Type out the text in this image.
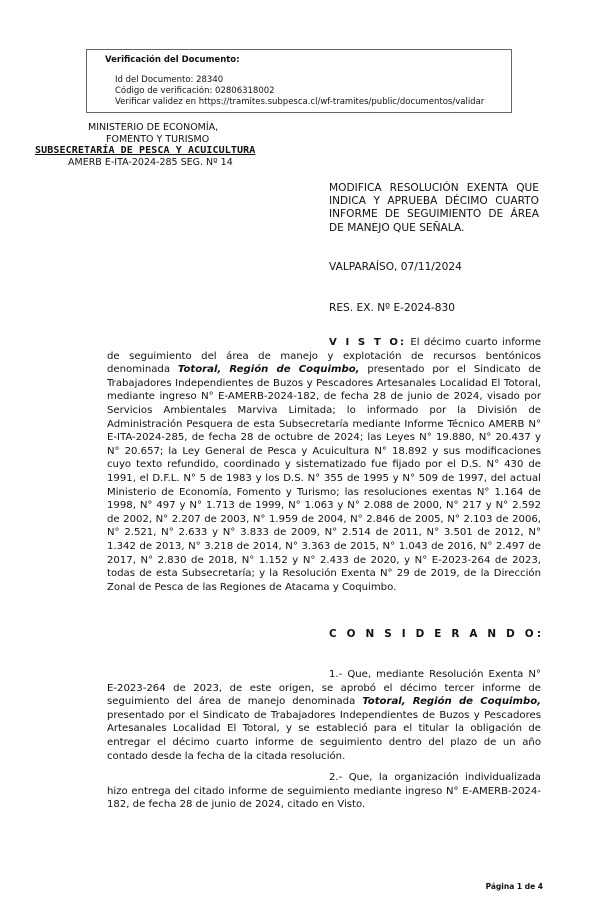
Verificación del Documento:
Id del Documento: 28340
Código de verificación: 02806318002
Verificar validez en https://tramites.subpesca.cl/wf-tramites/public/documentos/validar
MINISTERIO DE ECONOMÍA,
FOMENTO Y TURISMO
SUBSECRETARÍA DE PESCA Y ACUICULTURA
AMERB E-ITA-2024-285 SEG. Nº 14
MODIFICA RESOLUCIÓN EXENTA QUE INDICA Y APRUEBA DÉCIMO CUARTO INFORME DE SEGUIMIENTO DE ÁREA DE MANEJO QUE SEÑALA.
VALPARAÍSO, 07/11/2024
RES. EX. Nº E-2024-830
V I S T O: El décimo cuarto informe de seguimiento del área de manejo y explotación de recursos bentónicos denominada Totoral, Región de Coquimbo, presentado por el Sindicato de Trabajadores Independientes de Buzos y Pescadores Artesanales Localidad El Totoral, mediante ingreso N° E-AMERB-2024-182, de fecha 28 de junio de 2024, visado por Servicios Ambientales Marviva Limitada; lo informado por la División de Administración Pesquera de esta Subsecretaría mediante Informe Técnico AMERB N° E-ITA-2024-285, de fecha 28 de octubre de 2024; las Leyes N° 19.880, N° 20.437 y N° 20.657; la Ley General de Pesca y Acuicultura N° 18.892 y sus modificaciones cuyo texto refundido, coordinado y sistematizado fue fijado por el D.S. N° 430 de 1991, el D.F.L. N° 5 de 1983 y los D.S. N° 355 de 1995 y N° 509 de 1997, del actual Ministerio de Economía, Fomento y Turismo; las resoluciones exentas N° 1.164 de 1998, N° 497 y N° 1.713 de 1999, N° 1.063 y N° 2.088 de 2000, N° 217 y N° 2.592 de 2002, N° 2.207 de 2003, N° 1.959 de 2004, N° 2.846 de 2005, N° 2.103 de 2006, N° 2.521, N° 2.633 y N° 3.833 de 2009, N° 2.514 de 2011, N° 3.501 de 2012, N° 1.342 de 2013, N° 3.218 de 2014, N° 3.363 de 2015, N° 1.043 de 2016, N° 2.497 de 2017, N° 2.830 de 2018, N° 1.152 y N° 2.433 de 2020, y N° E-2023-264 de 2023, todas de esta Subsecretaría; y la Resolución Exenta N° 29 de 2019, de la Dirección Zonal de Pesca de las Regiones de Atacama y Coquimbo.
C O N S I D E R A N D O:
1.- Que, mediante Resolución Exenta N° E-2023-264 de 2023, de este origen, se aprobó el décimo tercer informe de seguimiento del área de manejo denominada Totoral, Región de Coquimbo, presentado por el Sindicato de Trabajadores Independientes de Buzos y Pescadores Artesanales Localidad El Totoral, y se estableció para el titular la obligación de entregar el décimo cuarto informe de seguimiento dentro del plazo de un año contado desde la fecha de la citada resolución.
2.- Que, la organización individualizada hizo entrega del citado informe de seguimiento mediante ingreso N° E-AMERB-2024-182, de fecha 28 de junio de 2024, citado en Visto.
Página 1 de 4
